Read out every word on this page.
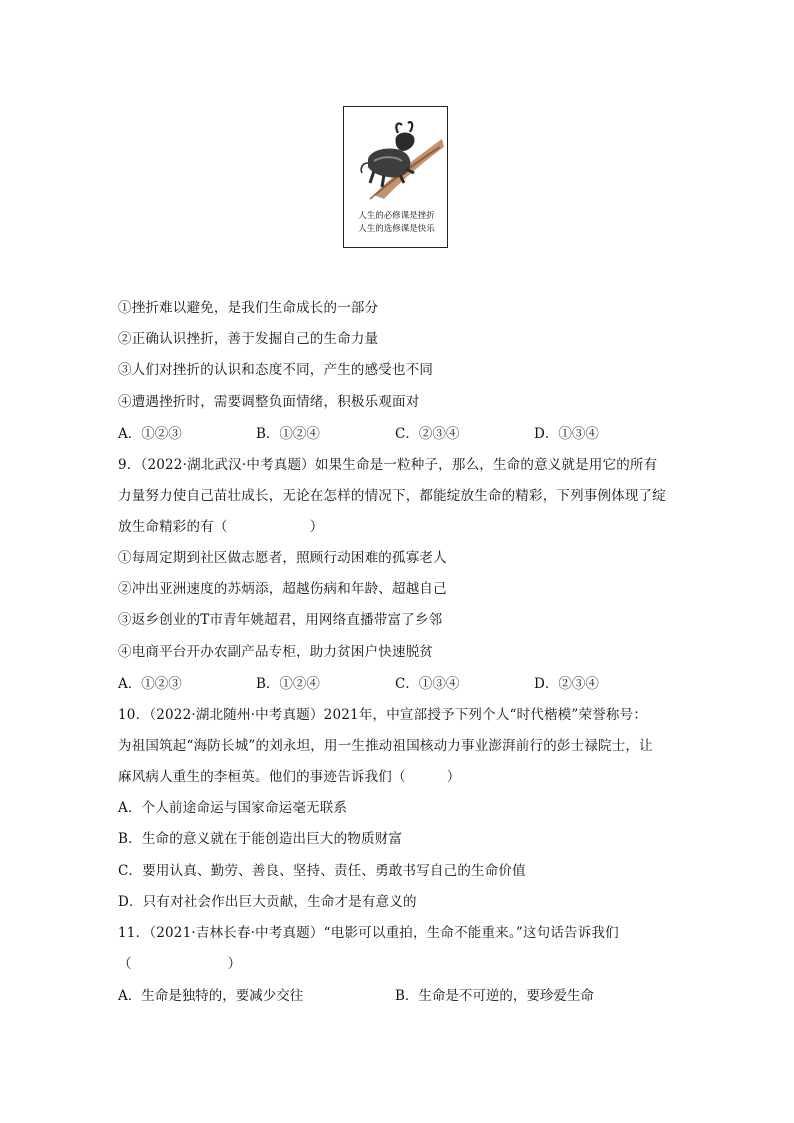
人生的必修课是挫折
人生的选修课是快乐
①挫折难以避免，是我们生命成长的一部分
②正确认识挫折，善于发掘自己的生命力量
③人们对挫折的认识和态度不同，产生的感受也不同
④遭遇挫折时，需要调整负面情绪，积极乐观面对
A．①②③	B．①②④	C．②③④	D．①③④
9．（2022·湖北武汉·中考真题）如果生命是一粒种子，那么，生命的意义就是用它的所有
力量努力使自己苗壮成长，无论在怎样的情况下，都能绽放生命的精彩，下列事例体现了绽
放生命精彩的有（　　　　　　）
①每周定期到社区做志愿者，照顾行动困难的孤寡老人
②冲出亚洲速度的苏炳添，超越伤病和年龄、超越自己
③返乡创业的T市青年姚超君，用网络直播带富了乡邻
④电商平台开办农副产品专柜，助力贫困户快速脱贫
A．①②③	B．①②④	C．①③④	D．②③④
10．（2022·湖北随州·中考真题）2021年，中宣部授予下列个人“时代楷模”荣誉称号：
为祖国筑起“海防长城”的刘永坦，用一生推动祖国核动力事业澎湃前行的彭士禄院士，让
麻风病人重生的李桓英。他们的事迹告诉我们（　　　）
A．个人前途命运与国家命运毫无联系
B．生命的意义就在于能创造出巨大的物质财富
C．要用认真、勤劳、善良、坚持、责任、勇敢书写自己的生命价值
D．只有对社会作出巨大贡献，生命才是有意义的
11．（2021·吉林长春·中考真题）“电影可以重拍，生命不能重来。”这句话告诉我们
（　　　　　　　）
A．生命是独特的，要减少交往	B．生命是不可逆的，要珍爱生命
